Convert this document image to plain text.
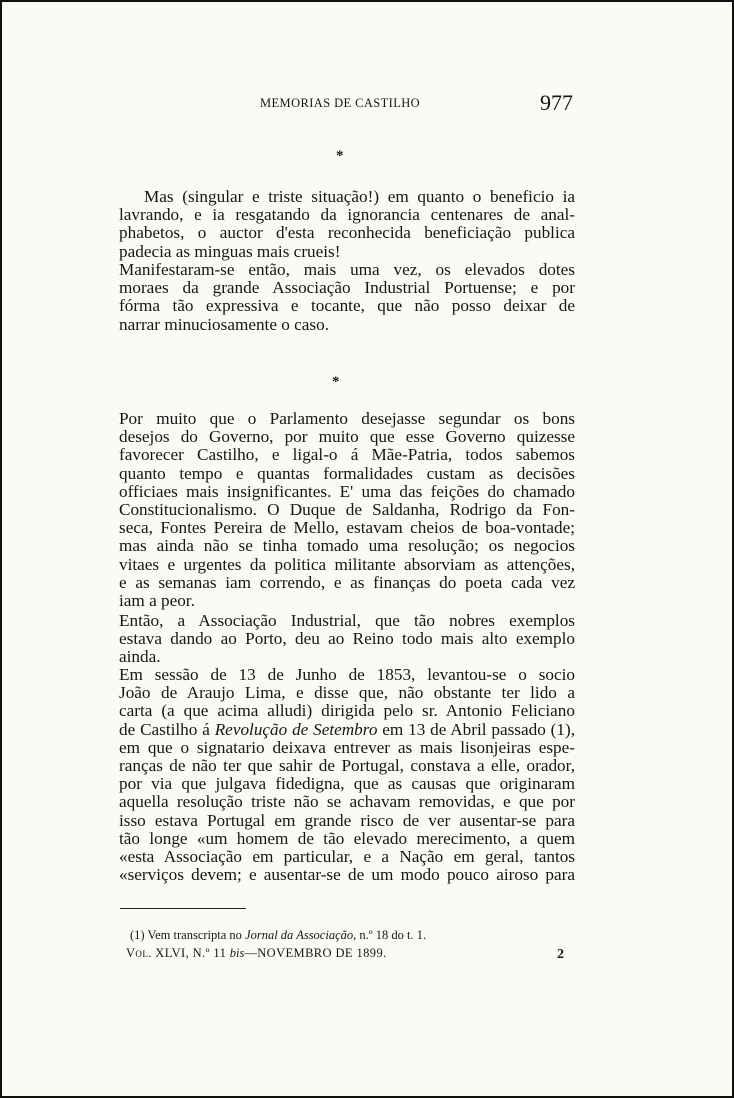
MEMORIAS DE CASTILHO	977
*
Mas (singular e triste situação!) em quanto o beneficio ia
lavrando, e ia resgatando da ignorancia centenares de anal-
phabetos, o auctor d'esta reconhecida beneficiação publica
padecia as minguas mais crueis!
Manifestaram-se então, mais uma vez, os elevados dotes
moraes da grande Associação Industrial Portuense; e por
fórma tão expressiva e tocante, que não posso deixar de
narrar minuciosamente o caso.
*
Por muito que o Parlamento desejasse segundar os bons
desejos do Governo, por muito que esse Governo quizesse
favorecer Castilho, e ligal-o á Mãe-Patria, todos sabemos
quanto tempo e quantas formalidades custam as decisões
officiaes mais insignificantes. E' uma das feições do chamado
Constitucionalismo. O Duque de Saldanha, Rodrigo da Fon-
seca, Fontes Pereira de Mello, estavam cheios de boa-vontade;
mas ainda não se tinha tomado uma resolução; os negocios
vitaes e urgentes da politica militante absorviam as attenções,
e as semanas iam correndo, e as finanças do poeta cada vez
iam a peor.
Então, a Associação Industrial, que tão nobres exemplos
estava dando ao Porto, deu ao Reino todo mais alto exemplo
ainda.
Em sessão de 13 de Junho de 1853, levantou-se o socio
João de Araujo Lima, e disse que, não obstante ter lido a
carta (a que acima alludi) dirigida pelo sr. Antonio Feliciano
de Castilho á Revolução de Setembro em 13 de Abril passado (1),
em que o signatario deixava entrever as mais lisonjeiras espe-
ranças de não ter que sahir de Portugal, constava a elle, orador,
por via que julgava fidedigna, que as causas que originaram
aquella resolução triste não se achavam removidas, e que por
isso estava Portugal em grande risco de ver ausentar-se para
tão longe «um homem de tão elevado merecimento, a quem
«esta Associação em particular, e a Nação em geral, tantos
«serviços devem; e ausentar-se de um modo pouco airoso para
(1) Vem transcripta no Jornal da Associação, n.º 18 do t. 1.
Vol. XLVI, N.º 11 bis—NOVEMBRO DE 1899.	2
